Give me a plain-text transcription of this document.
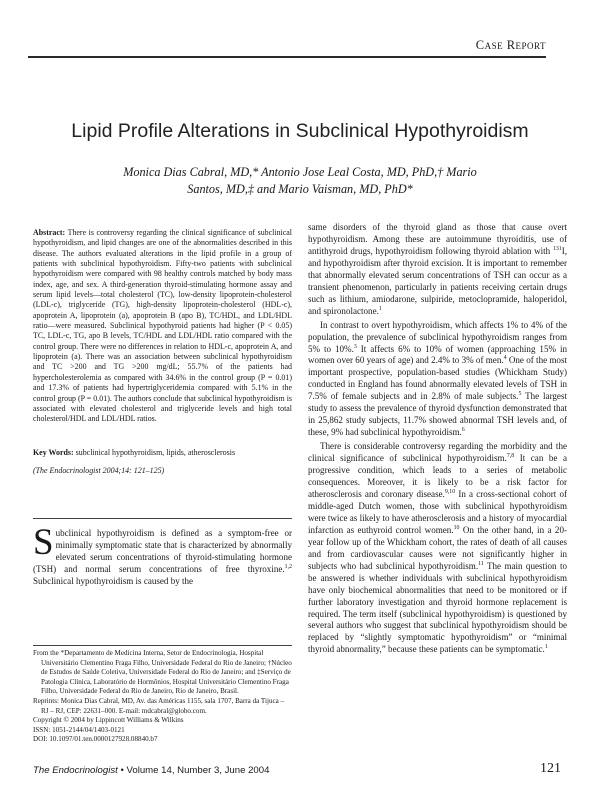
Case Report
Lipid Profile Alterations in Subclinical Hypothyroidism
Monica Dias Cabral, MD,* Antonio Jose Leal Costa, MD, PhD,† Mario Santos, MD,‡ and Mario Vaisman, MD, PhD*
Abstract: There is controversy regarding the clinical significance of subclinical hypothyroidism, and lipid changes are one of the abnormalities described in this disease. The authors evaluated alterations in the lipid profile in a group of patients with subclinical hypothyroidism. Fifty-two patients with subclinical hypothyroidism were compared with 98 healthy controls matched by body mass index, age, and sex. A third-generation thyroid-stimulating hormone assay and serum lipid levels—total cholesterol (TC), low-density lipoprotein-cholesterol (LDL-c), triglyceride (TG), high-density lipoprotein-cholesterol (HDL-c), apoprotein A, lipoprotein (a), apoprotein B (apo B), TC/HDL, and LDL/HDL ratio—were measured. Subclinical hypothyroid patients had higher (P < 0.05) TC, LDL-c, TG, apo B levels, TC/HDL and LDL/HDL ratio compared with the control group. There were no differences in relation to HDL-c, apoprotein A, and lipoprotein (a). There was an association between subclinical hypothyroidism and TC >200 and TG >200 mg/dL; 55.7% of the patients had hypercholesterolemia as compared with 34.6% in the control group (P = 0.01) and 17.3% of patients had hypertriglyceridemia compared with 5.1% in the control group (P = 0.01). The authors conclude that subclinical hypothyroidism is associated with elevated cholesterol and triglyceride levels and high total cholesterol/HDL and LDL/HDL ratios.
Key Words: subclinical hypothyroidism, lipids, atherosclerosis
(The Endocrinologist 2004;14: 121–125)

Subclinical hypothyroidism is defined as a symptom-free or minimally symptomatic state that is characterized by abnormally elevated serum concentrations of thyroid-stimulating hormone (TSH) and normal serum concentrations of free thyroxine.$^{1,2}$ Subclinical hypothyroidism is caused by the

From the *Departamento de Medicina Interna, Setor de Endocrinologia, Hospital Universitário Clementino Fraga Filho, Universidade Federal do Rio de Janeiro; †Núcleo de Estudos de Saúde Coletiva, Universidade Federal do Rio de Janeiro; and ‡Serviço de Patologia Clínica, Laboratório de Hormônios, Hospital Universitário Clementino Fraga Filho, Universidade Federal do Rio de Janeiro, Rio de Janeiro, Brasil.
Reprints: Monica Dias Cabral, MD, Av. das Américas 1155, sala 1707, Barra da Tijuca – RJ – RJ, CEP: 22631–000. E-mail: mdcabral@globo.com.
Copyright © 2004 by Lippincott Williams & Wilkins
ISSN: 1051-2144/04/1403-0121
DOI: 10.1097/01.ten.0000127928.08840.b7

same disorders of the thyroid gland as those that cause overt hypothyroidism. Among these are autoimmune thyroiditis, use of antithyroid drugs, hypothyroidism following thyroid ablation with $^{131}$I, and hypothyroidism after thyroid excision. It is important to remember that abnormally elevated serum concentrations of TSH can occur as a transient phenomenon, particularly in patients receiving certain drugs such as lithium, amiodarone, sulpiride, metoclopramide, haloperidol, and spironolactone.$^1$

In contrast to overt hypothyroidism, which affects 1% to 4% of the population, the prevalence of subclinical hypothyroidism ranges from 5% to 10%.$^3$ It affects 6% to 10% of women (approaching 15% in women over 60 years of age) and 2.4% to 3% of men.$^4$ One of the most important prospective, population-based studies (Whickham Study) conducted in England has found abnormally elevated levels of TSH in 7.5% of female subjects and in 2.8% of male subjects.$^5$ The largest study to assess the prevalence of thyroid dysfunction demonstrated that in 25,862 study subjects, 11.7% showed abnormal TSH levels and, of these, 9% had subclinical hypothyroidism.$^6$

There is considerable controversy regarding the morbidity and the clinical significance of subclinical hypothyroidism.$^{7,8}$ It can be a progressive condition, which leads to a series of metabolic consequences. Moreover, it is likely to be a risk factor for atherosclerosis and coronary disease.$^{9,10}$ In a cross-sectional cohort of middle-aged Dutch women, those with subclinical hypothyroidism were twice as likely to have atherosclerosis and a history of myocardial infarction as euthyroid control women.$^{10}$ On the other hand, in a 20-year follow up of the Whickham cohort, the rates of death of all causes and from cardiovascular causes were not significantly higher in subjects who had subclinical hypothyroidism.$^{11}$ The main question to be answered is whether individuals with subclinical hypothyroidism have only biochemical abnormalities that need to be monitored or if further laboratory investigation and thyroid hormone replacement is required. The term itself (subclinical hypothyroidism) is questioned by several authors who suggest that subclinical hypothyroidism should be replaced by “slightly symptomatic hypothyroidism” or “minimal thyroid abnormality,” because these patients can be symptomatic.$^1$

The Endocrinologist • Volume 14, Number 3, June 2004	121
